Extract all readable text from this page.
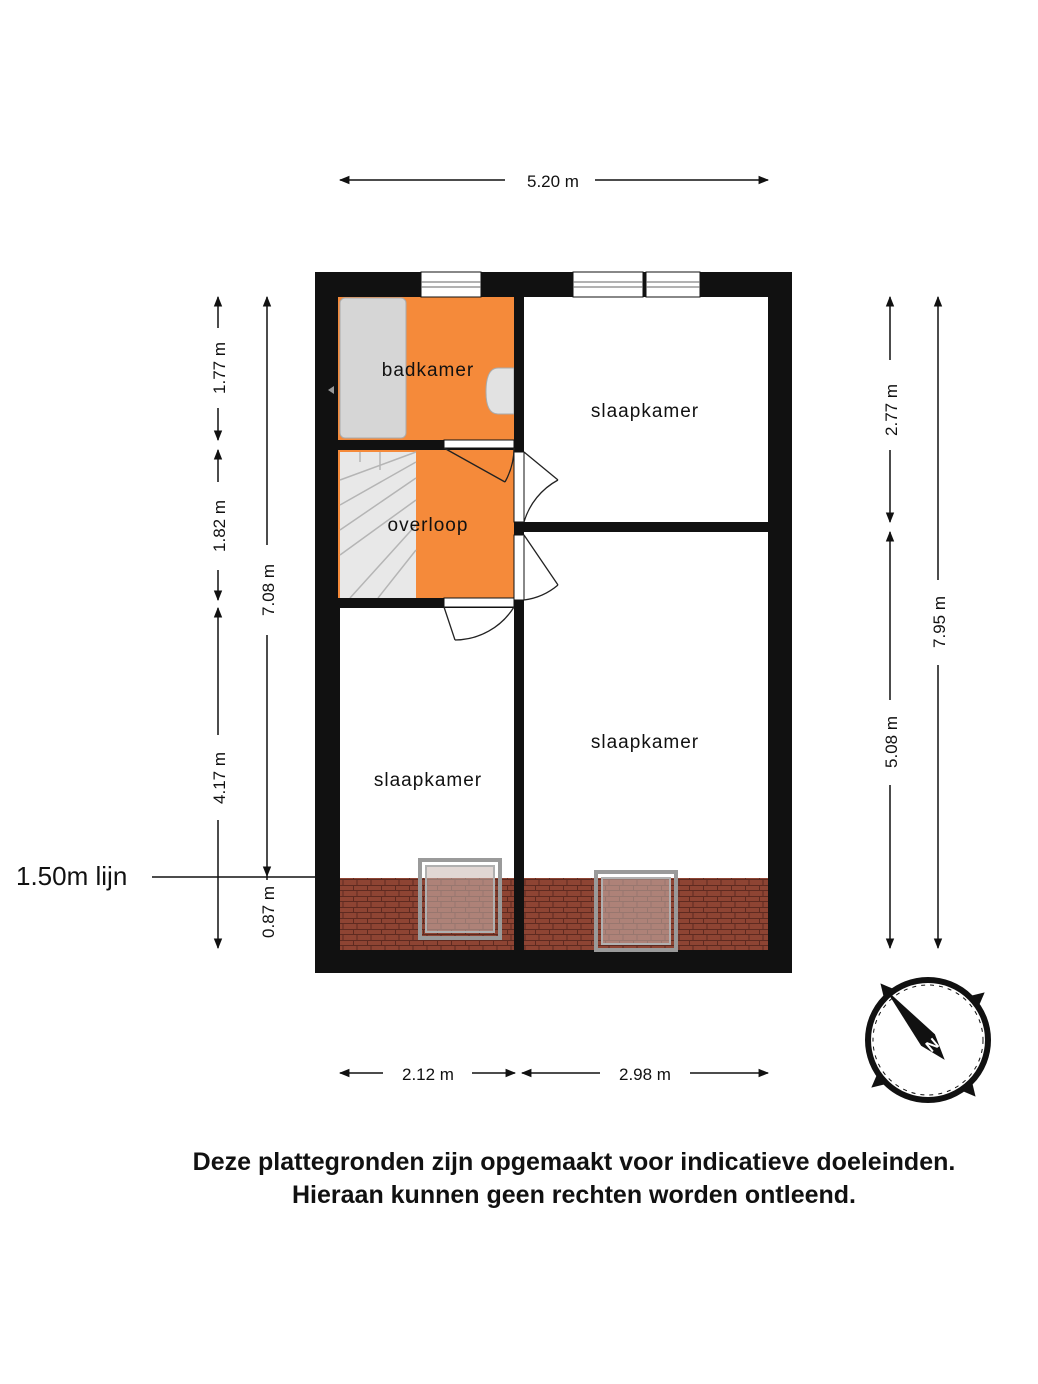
badkamer
overloop
slaapkamer
slaapkamer
slaapkamer
5.20 m
2.12 m	2.98 m
1.77 m
1.82 m
4.17 m
7.08 m
0.87 m
1.50m lijn
2.77 m
5.08 m
7.95 m
N
Deze plattegronden zijn opgemaakt voor indicatieve doeleinden.
Hieraan kunnen geen rechten worden ontleend.
